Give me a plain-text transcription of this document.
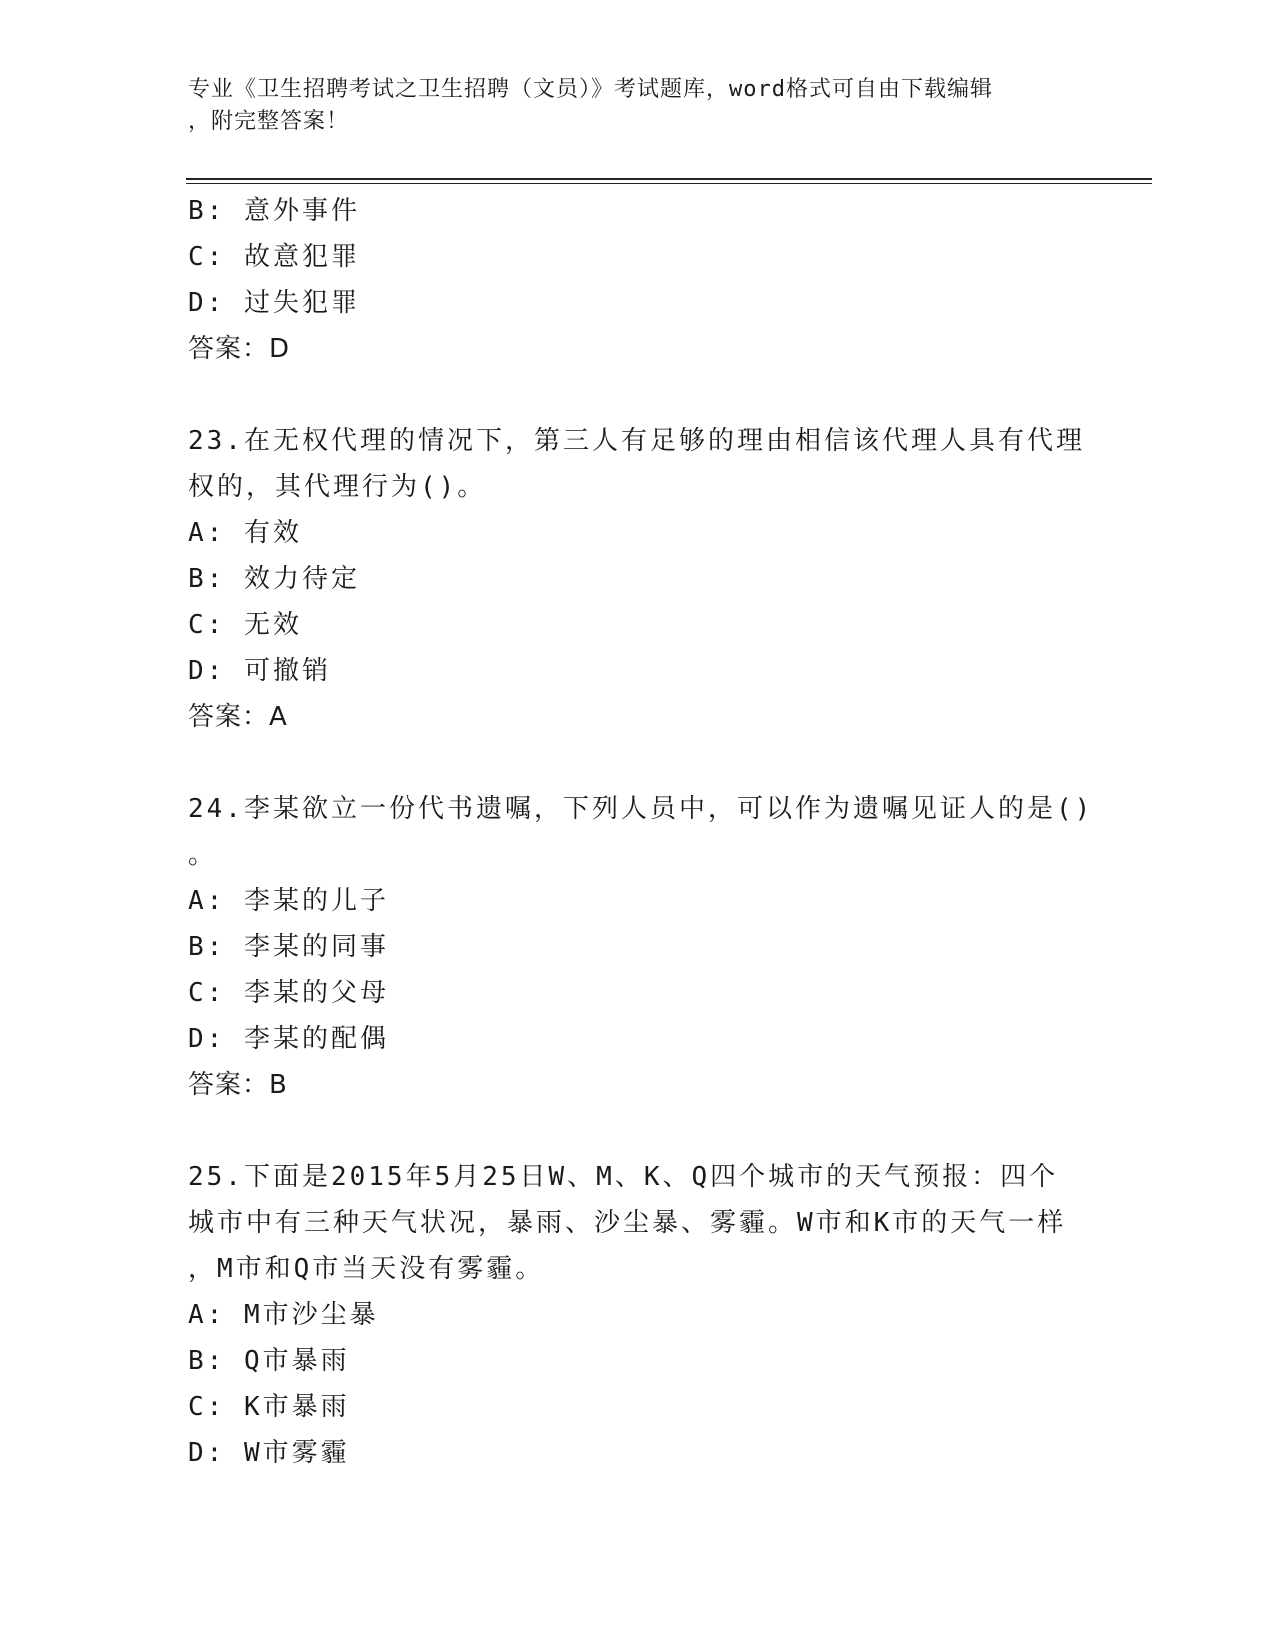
专业《卫生招聘考试之卫生招聘（文员）》考试题库，word格式可自由下载编辑
，附完整答案！
B: 意外事件
C: 故意犯罪
D: 过失犯罪
答案：D
23.在无权代理的情况下，第三人有足够的理由相信该代理人具有代理
权的，其代理行为()。
A: 有效
B: 效力待定
C: 无效
D: 可撤销
答案：A
24.李某欲立一份代书遗嘱，下列人员中，可以作为遗嘱见证人的是()
。
A: 李某的儿子
B: 李某的同事
C: 李某的父母
D: 李某的配偶
答案：B
25.下面是2015年5月25日W、M、K、Q四个城市的天气预报：四个
城市中有三种天气状况，暴雨、沙尘暴、雾霾。W市和K市的天气一样
，M市和Q市当天没有雾霾。
A: M市沙尘暴
B: Q市暴雨
C: K市暴雨
D: W市雾霾
